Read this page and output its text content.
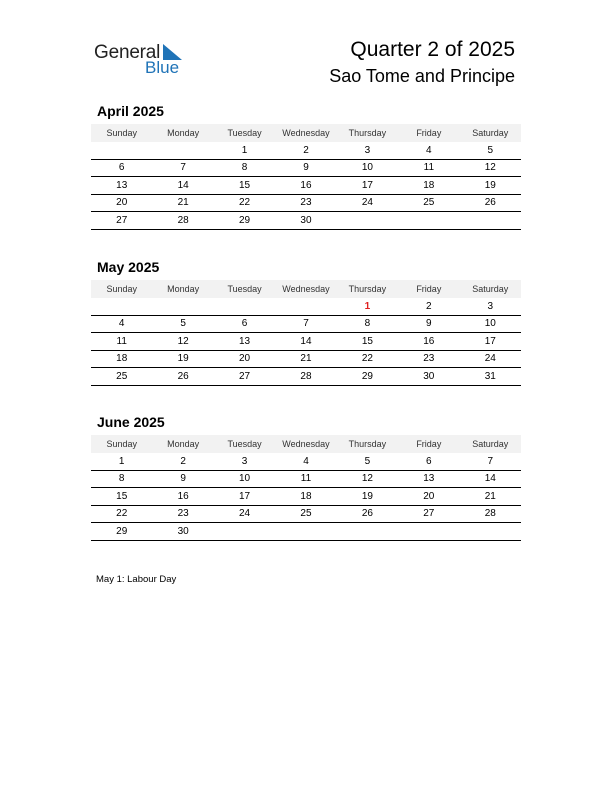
General
Blue
Quarter 2 of 2025
Sao Tome and Principe
April 2025
Sunday	Monday	Tuesday	Wednesday	Thursday	Friday	Saturday
		1	2	3	4	5
6	7	8	9	10	11	12
13	14	15	16	17	18	19
20	21	22	23	24	25	26
27	28	29	30			
May 2025
Sunday	Monday	Tuesday	Wednesday	Thursday	Friday	Saturday
				1	2	3
4	5	6	7	8	9	10
11	12	13	14	15	16	17
18	19	20	21	22	23	24
25	26	27	28	29	30	31
June 2025
Sunday	Monday	Tuesday	Wednesday	Thursday	Friday	Saturday
1	2	3	4	5	6	7
8	9	10	11	12	13	14
15	16	17	18	19	20	21
22	23	24	25	26	27	28
29	30					
May 1: Labour Day
